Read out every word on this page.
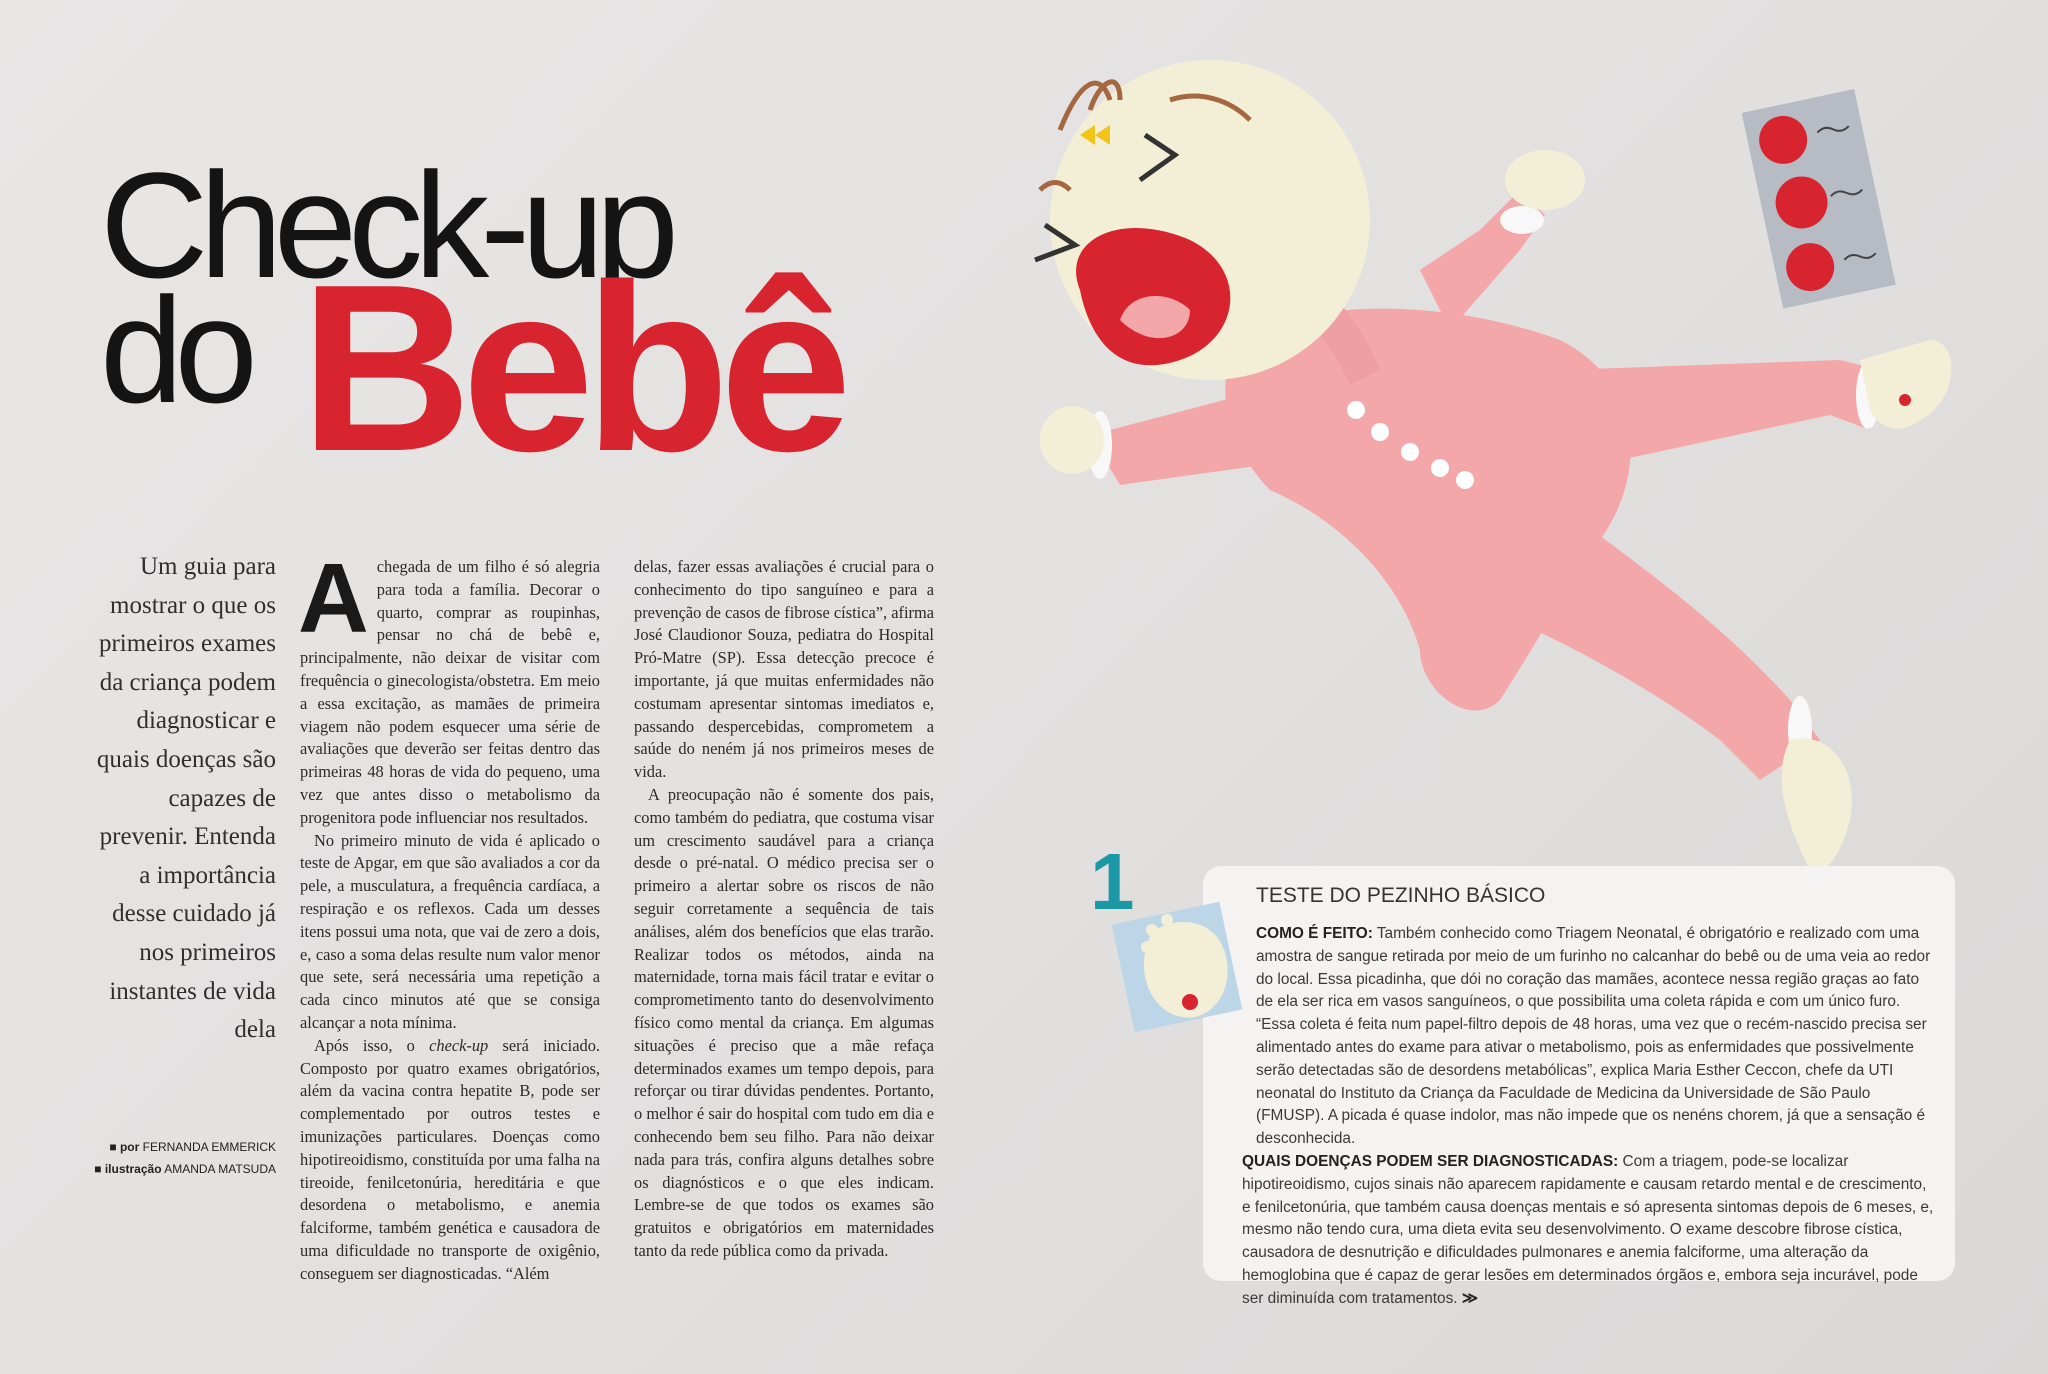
Check-up
do Bebê
Um guia para mostrar o que os primeiros exames da criança podem diagnosticar e quais doenças são capazes de prevenir. Entenda a importância desse cuidado já nos primeiros instantes de vida dela
■ por FERNANDA EMMERICK
■ ilustração AMANDA MATSUDA
A chegada de um filho é só alegria para toda a família. Decorar o quarto, comprar as roupinhas, pensar no chá de bebê e, principalmente, não deixar de visitar com frequência o ginecologista/obstetra. Em meio a essa excitação, as mamães de primeira viagem não podem esquecer uma série de avaliações que deverão ser feitas dentro das primeiras 48 horas de vida do pequeno, uma vez que antes disso o metabolismo da progenitora pode influenciar nos resultados.

No primeiro minuto de vida é aplicado o teste de Apgar, em que são avaliados a cor da pele, a musculatura, a frequência cardíaca, a respiração e os reflexos. Cada um desses itens possui uma nota, que vai de zero a dois, e, caso a soma delas resulte num valor menor que sete, será necessária uma repetição a cada cinco minutos até que se consiga alcançar a nota mínima.

Após isso, o check-up será iniciado. Composto por quatro exames obrigatórios, além da vacina contra hepatite B, pode ser complementado por outros testes e imunizações particulares. Doenças como hipotireoidismo, constituída por uma falha na tireoide, fenilcetonúria, hereditária e que desordena o metabolismo, e anemia falciforme, também genética e causadora de uma dificuldade no transporte de oxigênio, conseguem ser diagnosticadas. “Além

delas, fazer essas avaliações é crucial para o conhecimento do tipo sanguíneo e para a prevenção de casos de fibrose cística”, afirma José Claudionor Souza, pediatra do Hospital Pró-Matre (SP). Essa detecção precoce é importante, já que muitas enfermidades não costumam apresentar sintomas imediatos e, passando despercebidas, comprometem a saúde do neném já nos primeiros meses de vida.

A preocupação não é somente dos pais, como também do pediatra, que costuma visar um crescimento saudável para a criança desde o pré-natal. O médico precisa ser o primeiro a alertar sobre os riscos de não seguir corretamente a sequência de tais análises, além dos benefícios que elas trarão. Realizar todos os métodos, ainda na maternidade, torna mais fácil tratar e evitar o comprometimento tanto do desenvolvimento físico como mental da criança. Em algumas situações é preciso que a mãe refaça determinados exames um tempo depois, para reforçar ou tirar dúvidas pendentes. Portanto, o melhor é sair do hospital com tudo em dia e conhecendo bem seu filho. Para não deixar nada para trás, confira alguns detalhes sobre os diagnósticos e o que eles indicam. Lembre-se de que todos os exames são gratuitos e obrigatórios em maternidades tanto da rede pública como da privada.

1	TESTE DO PEZINHO BÁSICO

COMO É FEITO: Também conhecido como Triagem Neonatal, é obrigatório e realizado com uma amostra de sangue retirada por meio de um furinho no calcanhar do bebê ou de uma veia ao redor do local. Essa picadinha, que dói no coração das mamães, acontece nessa região graças ao fato de ela ser rica em vasos sanguíneos, o que possibilita uma coleta rápida e com um único furo. “Essa coleta é feita num papel-filtro depois de 48 horas, uma vez que o recém-nascido precisa ser alimentado antes do exame para ativar o metabolismo, pois as enfermidades que possivelmente serão detectadas são de desordens metabólicas”, explica Maria Esther Ceccon, chefe da UTI neonatal do Instituto da Criança da Faculdade de Medicina da Universidade de São Paulo (FMUSP). A picada é quase indolor, mas não impede que os nenéns chorem, já que a sensação é desconhecida.

QUAIS DOENÇAS PODEM SER DIAGNOSTICADAS: Com a triagem, pode-se localizar hipotireoidismo, cujos sinais não aparecem rapidamente e causam retardo mental e de crescimento, e fenilcetonúria, que também causa doenças mentais e só apresenta sintomas depois de 6 meses, e, mesmo não tendo cura, uma dieta evita seu desenvolvimento. O exame descobre fibrose cística, causadora de desnutrição e dificuldades pulmonares e anemia falciforme, uma alteração da hemoglobina que é capaz de gerar lesões em determinados órgãos e, embora seja incurável, pode ser diminuída com tratamentos. ≫
